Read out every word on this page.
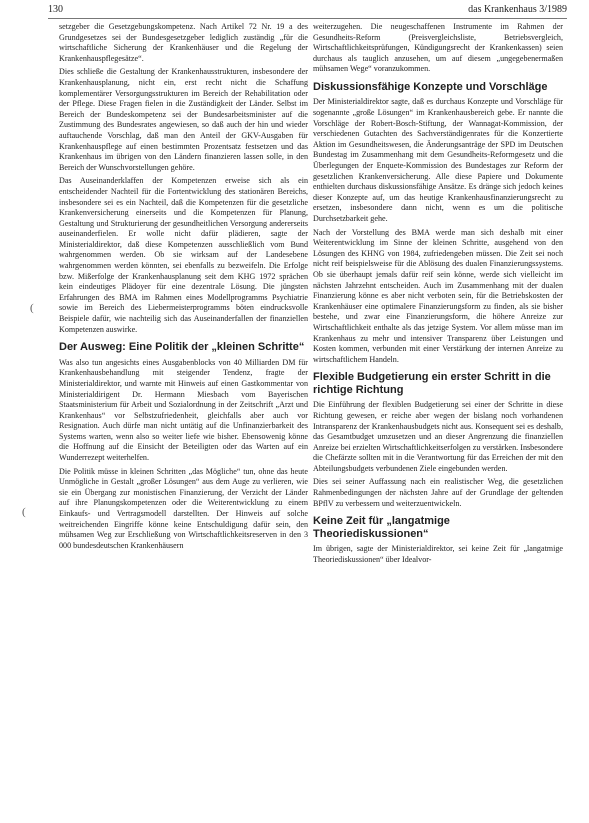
130	das Krankenhaus 3/1989

setzgeber die Gesetzgebungskompetenz. Nach Artikel 72 Nr. 19 a des Grundgesetzes sei der Bundesgesetzgeber lediglich zuständig „für die wirtschaftliche Sicherung der Krankenhäuser und die Regelung der Krankenhauspflegesätze“.

Dies schließe die Gestaltung der Krankenhausstrukturen, insbesondere der Krankenhausplanung, nicht ein, erst recht nicht die Schaffung komplementärer Versorgungsstrukturen im Bereich der Rehabilitation oder der Pflege. Diese Fragen fielen in die Zuständigkeit der Länder. Selbst im Bereich der Bundeskompetenz sei der Bundesarbeitsminister auf die Zustimmung des Bundesrates angewiesen, so daß auch der hin und wieder auftauchende Vorschlag, daß man den Anteil der GKV-Ausgaben für Krankenhauspflege auf einen bestimmten Prozentsatz festsetzen und das Krankenhaus im übrigen von den Ländern finanzieren lassen solle, in den Bereich der Wunschvorstellungen gehöre.

Das Auseinanderklaffen der Kompetenzen erweise sich als ein entscheidender Nachteil für die Fortentwicklung des stationären Bereichs, insbesondere sei es ein Nachteil, daß die Kompetenzen für die gesetzliche Krankenversicherung einerseits und die Kompetenzen für Planung, Gestaltung und Strukturierung der gesundheitlichen Versorgung andererseits auseinanderfielen. Er wolle nicht dafür plädieren, sagte der Ministerialdirektor, daß diese Kompetenzen ausschließlich vom Bund wahrgenommen werden. Ob sie wirksam auf der Landesebene wahrgenommen werden könnten, sei ebenfalls zu bezweifeln. Die Erfolge bzw. Mißerfolge der Krankenhausplanung seit dem KHG 1972 sprächen kein eindeutiges Plädoyer für eine dezentrale Lösung. Die jüngsten Erfahrungen des BMA im Rahmen eines Modellprogramms Psychiatrie sowie im Bereich des Liebermeisterprogramms böten eindrucksvolle Beispiele dafür, wie nachteilig sich das Auseinanderfallen der finanziellen Kompetenzen auswirke.

Der Ausweg: Eine Politik der „kleinen Schritte“

Was also tun angesichts eines Ausgabenblocks von 40 Milliarden DM für Krankenhausbehandlung mit steigender Tendenz, fragte der Ministerialdirektor, und warnte mit Hinweis auf einen Gastkommentar von Ministerialdirigent Dr. Hermann Miesbach vom Bayerischen Staatsministerium für Arbeit und Sozialordnung in der Zeitschrift „Arzt und Krankenhaus“ vor Selbstzufriedenheit, gleichfalls aber auch vor Resignation. Auch dürfe man nicht untätig auf die Unfinanzierbarkeit des Systems warten, wenn also so weiter liefe wie bisher. Ebensowenig könne die Hoffnung auf die Einsicht der Beteiligten oder das Warten auf ein Wunderrezept weiterhelfen.

Die Politik müsse in kleinen Schritten „das Mögliche“ tun, ohne das heute Unmögliche in Gestalt „großer Lösungen“ aus dem Auge zu verlieren, wie sie ein Übergang zur monistischen Finanzierung, der Verzicht der Länder auf ihre Planungskompetenzen oder die Weiterentwicklung zu einem Einkaufs- und Vertragsmodell darstellten. Der Hinweis auf solche weitreichenden Eingriffe könne keine Entschuldigung dafür sein, den mühsamen Weg zur Erschließung von Wirtschaftlichkeitsreserven in den 3 000 bundesdeutschen Krankenhäusern

weiterzugehen. Die neugeschaffenen Instrumente im Rahmen der Gesundheits-Reform (Preisvergleichsliste, Betriebsvergleich, Wirtschaftlichkeitsprüfungen, Kündigungsrecht der Krankenkassen) seien durchaus als tauglich anzusehen, um auf diesem „ungegebenermaßen mühsamen Wege“ voranzukommen.

Diskussionsfähige Konzepte und Vorschläge

Der Ministerialdirektor sagte, daß es durchaus Konzepte und Vorschläge für sogenannte „große Lösungen“ im Krankenhausbereich gebe. Er nannte die Vorschläge der Robert-Bosch-Stiftung, der Wannagat-Kommission, der verschiedenen Gutachten des Sachverständigenrates für die Konzertierte Aktion im Gesundheitswesen, die Änderungsanträge der SPD im Deutschen Bundestag im Zusammenhang mit dem Gesundheits-Reformgesetz und die Überlegungen der Enquete-Kommission des Bundestages zur Reform der gesetzlichen Krankenversicherung. Alle diese Papiere und Dokumente enthielten durchaus diskussionsfähige Ansätze. Es dränge sich jedoch keines dieser Konzepte auf, um das heutige Krankenhausfinanzierungsrecht zu ersetzen, insbesondere dann nicht, wenn es um die politische Durchsetzbarkeit gehe.

Nach der Vorstellung des BMA werde man sich deshalb mit einer Weiterentwicklung im Sinne der kleinen Schritte, ausgehend von den Lösungen des KHNG von 1984, zufriedengeben müssen. Die Zeit sei noch nicht reif beispielsweise für die Ablösung des dualen Finanzierungssystems. Ob sie überhaupt jemals dafür reif sein könne, werde sich vielleicht im nächsten Jahrzehnt entscheiden. Auch im Zusammenhang mit der dualen Finanzierung könne es aber nicht verboten sein, für die Betriebskosten der Krankenhäuser eine optimalere Finanzierungsform zu finden, als sie bisher bestehe, und zwar eine Finanzierungsform, die höhere Anreize zur Wirtschaftlichkeit enthalte als das jetzige System. Vor allem müsse man im Krankenhaus zu mehr und intensiver Transparenz über Leistungen und Kosten kommen, verbunden mit einer Verstärkung der internen Anreize zu wirtschaftlichem Handeln.

Flexible Budgetierung ein erster Schritt in die richtige Richtung

Die Einführung der flexiblen Budgetierung sei einer der Schritte in diese Richtung gewesen, er reiche aber wegen der bislang noch vorhandenen Intransparenz der Krankenhausbudgets nicht aus. Konsequent sei es deshalb, das Gesamtbudget umzusetzen und an dieser Angrenzung die finanziellen Anreize bei erzielten Wirtschaftlichkeitserfolgen zu verstärken. Insbesondere die Chefärzte sollten mit in die Verantwortung für das Erreichen der mit den Abteilungsbudgets verbundenen Ziele eingebunden werden.

Dies sei seiner Auffassung nach ein realistischer Weg, die gesetzlichen Rahmenbedingungen der nächsten Jahre auf der Grundlage der geltenden BPflV zu verbessern und weiterzuentwickeln.

Keine Zeit für „langatmige Theoriediskussionen“

Im übrigen, sagte der Ministerialdirektor, sei keine Zeit für „langatmige Theoriediskussionen“ über Idealvor-

(
(
